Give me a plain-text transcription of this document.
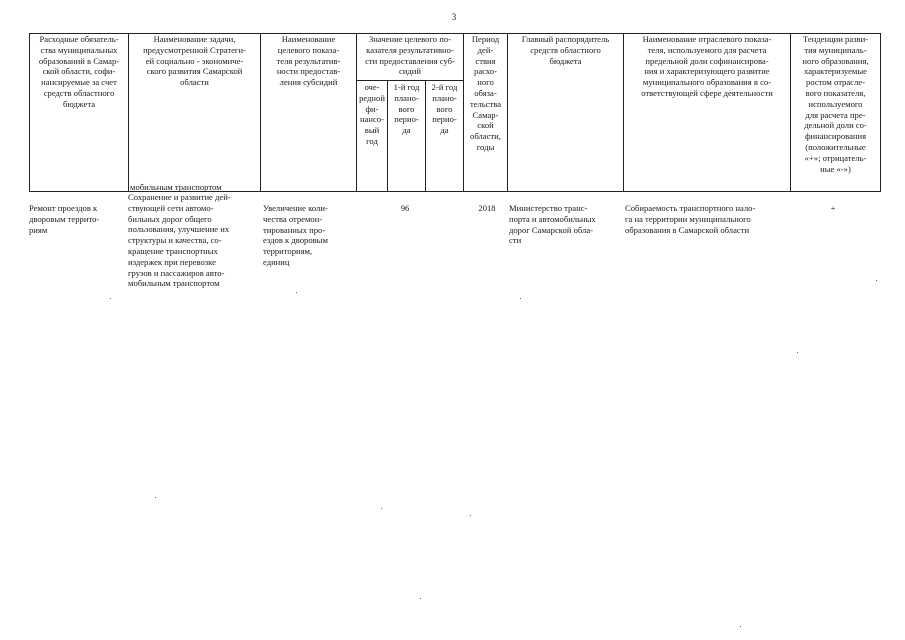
3
Расходные обязатель-
ства муниципальных
образований в Самар-
ской области, софи-
нансируемые за счет
средств областного
бюджета
Наименование задачи,
предусмотренной Стратеги-
ей социально - экономиче-
ского развития Самарской
области
Наименование
целевого показа-
теля результатив-
ности предостав-
ления субсидий
Значение целевого по-
казателя результативно-
сти предоставления суб-
сидий
оче-
редной
фи-
нансо-
вый
год
1-й год
плано-
вого
перио-
да
2-й год
плано-
вого
перио-
да
Период
дей-
ствия
расхо-
ного
обяза-
тельства
Самар-
ской
области,
годы
Главный распорядитель
средств областного
бюджета
Наименование отраслевого показа-
теля, используемого для расчета
предельной доли софинансирова-
ния и характеризующего развитие
муниципального образования в со-
ответствующей сфере деятельности
Тенденции разви-
тия муниципаль-
ного образования,
характеризуемые
ростом отрасле-
вого показателя,
используемого
для расчета пре-
дельной доли со-
финансирования
(положительные
«+»; отрицатель-
ные «-»)
мобильным транспортом
Ремонт проездов к
дворовым террито-
риям
Сохранение и развитие дей-
ствующей сети автомо-
бильных дорог общего
пользования, улучшение их
структуры и качества, со-
кращение транспортных
издержек при перевозке
грузов и пассажиров авто-
мобильным транспортом
Увеличение коли-
чества отремон-
тированных про-
ездов к дворовым
территориям,
единиц
96	2018	Министерство транс-
порта и автомобильных
дорог Самарской обла-
сти
Собираемость транспортного нало-
га на территории муниципального
образования в Самарской области
+
